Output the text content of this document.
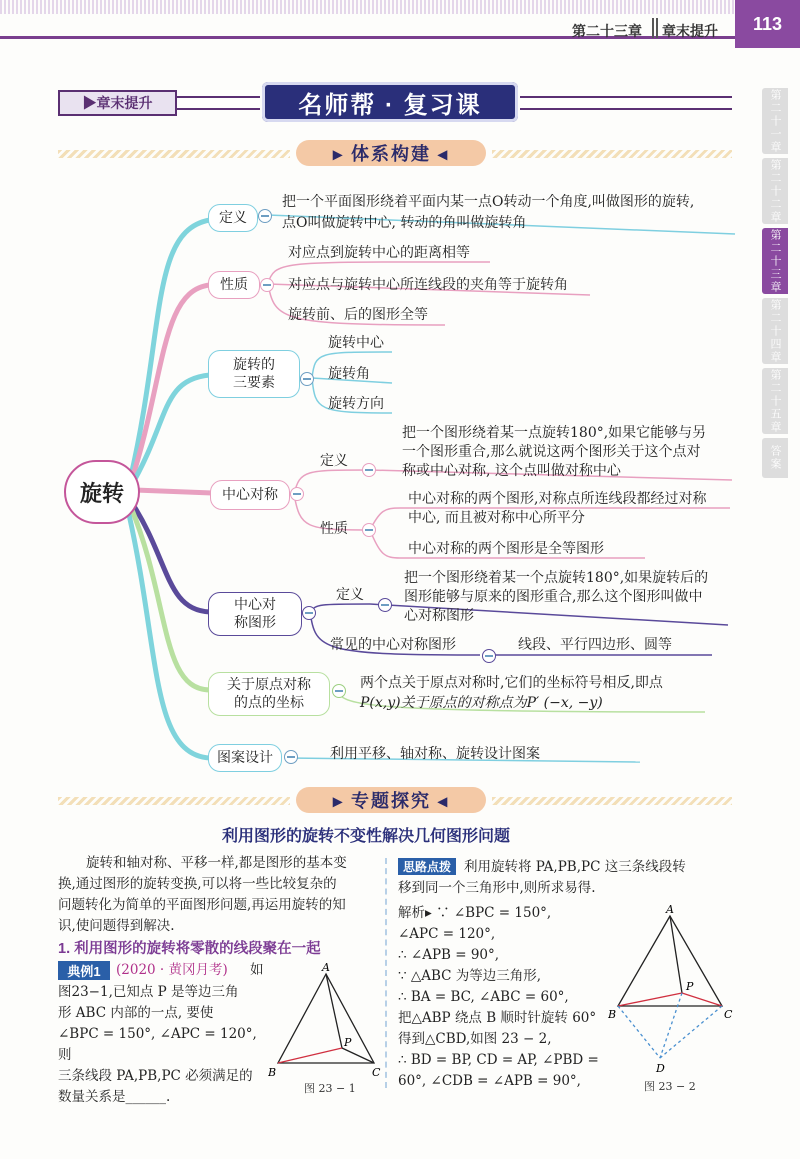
第二十三章 章末提升	113
第二十一章
第二十二章
第二十三章
第二十四章
第二十五章
答案
▶章末提升	名师帮 · 复习课
▸ 体系构建 ◂
旋转
定义
把一个平面图形绕着平面内某一点O转动一个角度,叫做图形的旋转,
点O叫做旋转中心, 转动的角叫做旋转角
性质
对应点到旋转中心的距离相等
对应点与旋转中心所连线段的夹角等于旋转角
旋转前、后的图形全等
旋转的
三要素
旋转中心
旋转角
旋转方向
中心对称
定义
把一个图形绕着某一点旋转180°,如果它能够与另
一个图形重合,那么就说这两个图形关于这个点对
称或中心对称, 这个点叫做对称中心
性质
中心对称的两个图形,对称点所连线段都经过对称
中心, 而且被对称中心所平分
中心对称的两个图形是全等图形
中心对
称图形
定义
把一个图形绕着某一个点旋转180°,如果旋转后的
图形能够与原来的图形重合,那么这个图形叫做中
心对称图形
常见的中心对称图形	线段、平行四边形、圆等
关于原点对称
的点的坐标
两个点关于原点对称时,它们的坐标符号相反,即点
P(x,y)关于原点的对称点为P′ (−x, −y)
图案设计	利用平移、轴对称、旋转设计图案
▸ 专题探究 ◂
利用图形的旋转不变性解决几何图形问题
旋转和轴对称、平移一样,都是图形的基本变
换,通过图形的旋转变换,可以将一些比较复杂的
问题转化为简单的平面图形问题,再运用旋转的知
识,使问题得到解决.
1. 利用图形的旋转将零散的线段聚在一起
典例1	(2020 · 黄冈月考) 如
图23−1,已知点 P 是等边三角
形 ABC 内部的一点, 要使
∠BPC = 150°, ∠APC = 120°, 则
三条线段 PA,PB,PC 必须满足的
数量关系是______.
A
B	C
P
图 23 − 1
思路点拨 利用旋转将 PA,PB,PC 这三条线段转
移到同一个三角形中,则所求易得.
解析▸ ∵ ∠BPC = 150°,
∠APC = 120°,
∴ ∠APB = 90°,
∵ △ABC 为等边三角形,
∴ BA = BC, ∠ABC = 60°,
把△ABP 绕点 B 顺时针旋转 60°
得到△CBD,如图 23 − 2,
∴ BD = BP, CD = AP, ∠PBD =
60°, ∠CDB = ∠APB = 90°,
A
B	C
P
D
图 23 − 2
